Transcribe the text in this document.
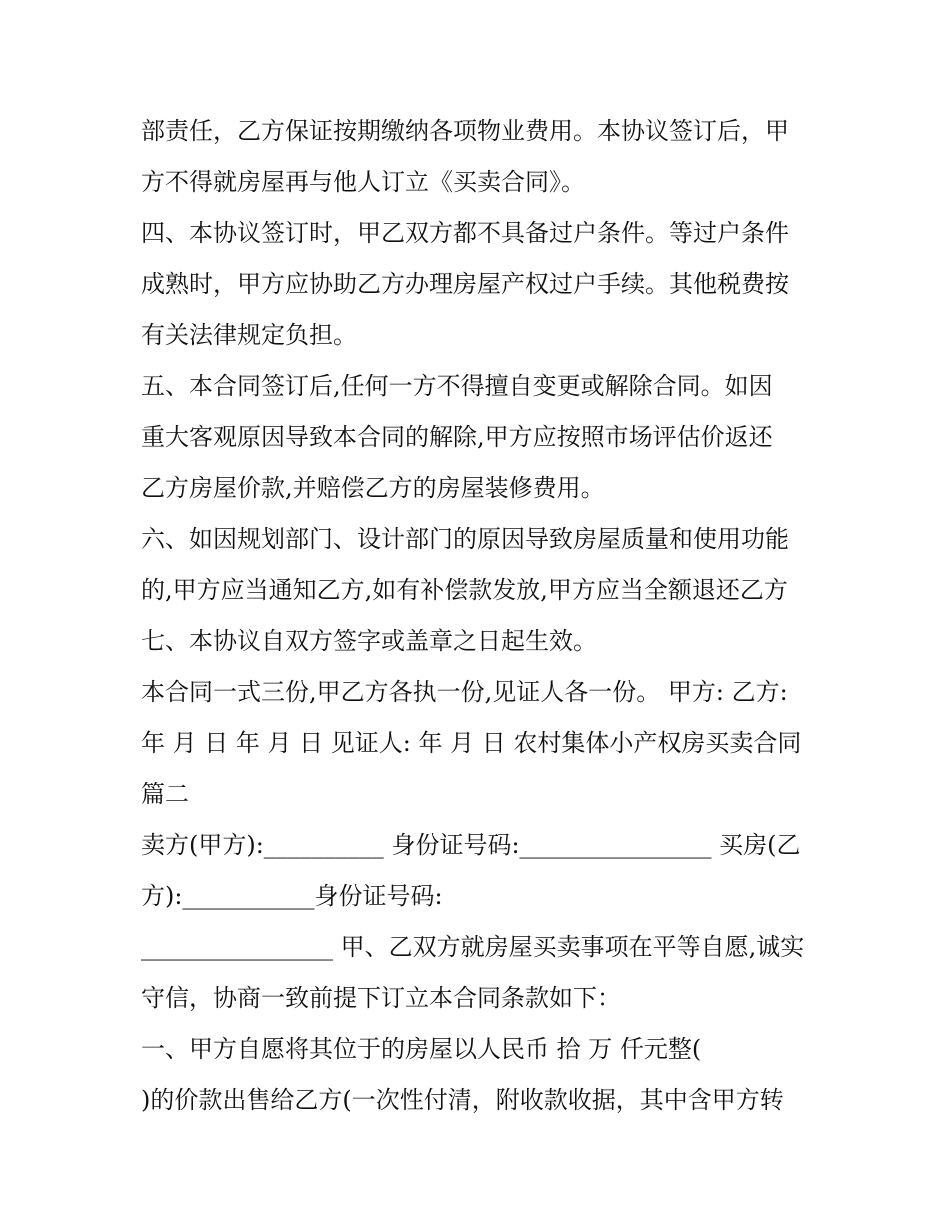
部责任，乙方保证按期缴纳各项物业费用。本协议签订后，甲

方不得就房屋再与他人订立《买卖合同》。

四、本协议签订时，甲乙双方都不具备过户条件。等过户条件

成熟时，甲方应协助乙方办理房屋产权过户手续。其他税费按

有关法律规定负担。

五、本合同签订后,任何一方不得擅自变更或解除合同。如因

重大客观原因导致本合同的解除,甲方应按照市场评估价返还

乙方房屋价款,并赔偿乙方的房屋装修费用。

六、如因规划部门、设计部门的原因导致房屋质量和使用功能

的,甲方应当通知乙方,如有补偿款发放,甲方应当全额退还乙方

七、本协议自双方签字或盖章之日起生效。

本合同一式三份,甲乙方各执一份,见证人各一份。 甲方: 乙方:

年 月 日 年 月 日 见证人: 年 月 日 农村集体小产权房买卖合同

篇二

卖方(甲方):__________ 身份证号码:________________ 买房(乙

方):___________身份证号码:

________________ 甲、乙双方就房屋买卖事项在平等自愿,诚实

守信，协商一致前提下订立本合同条款如下：

一、甲方自愿将其位于的房屋以人民币 拾 万 仟元整(

)的价款出售给乙方(一次性付清，附收款收据，其中含甲方转
